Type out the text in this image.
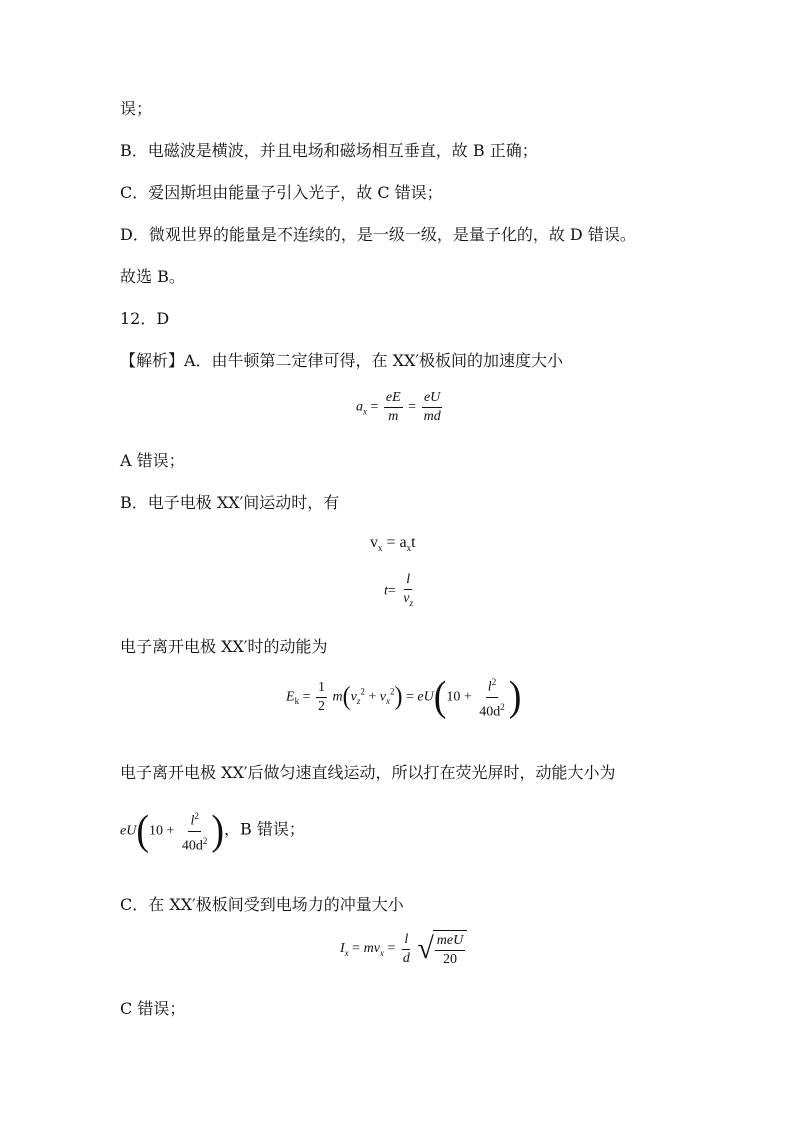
误；
B．电磁波是横波，并且电场和磁场相互垂直，故 B 正确；
C．爱因斯坦由能量子引入光子，故 C 错误；
D．微观世界的能量是不连续的，是一级一级，是量子化的，故 D 错误。
故选 B。
12．D
【解析】A．由牛顿第二定律可得，在 XX′极板间的加速度大小
$a_x = \frac{eE}{m} = \frac{eU}{md}$
A 错误；
B．电子电极 XX′间运动时，有
$v_x = a_xt$
$t= \frac{l}{v_z}$
电子离开电极 XX′时的动能为
$E_k = \frac{1}{2} m(v_z^2 + v_x^2) = eU(10 + \frac{l^2}{40d^2}$ )
电子离开电极 XX′后做匀速直线运动，所以打在荧光屏时，动能大小为
$eU(10 + \frac{l^2}{40d^2}$ )，B 错误；
C．在 XX′极板间受到电场力的冲量大小
$I_x = mv_x = \frac{l}{d}$
√ $\frac{\text{meU}}{20}$
C 错误；
